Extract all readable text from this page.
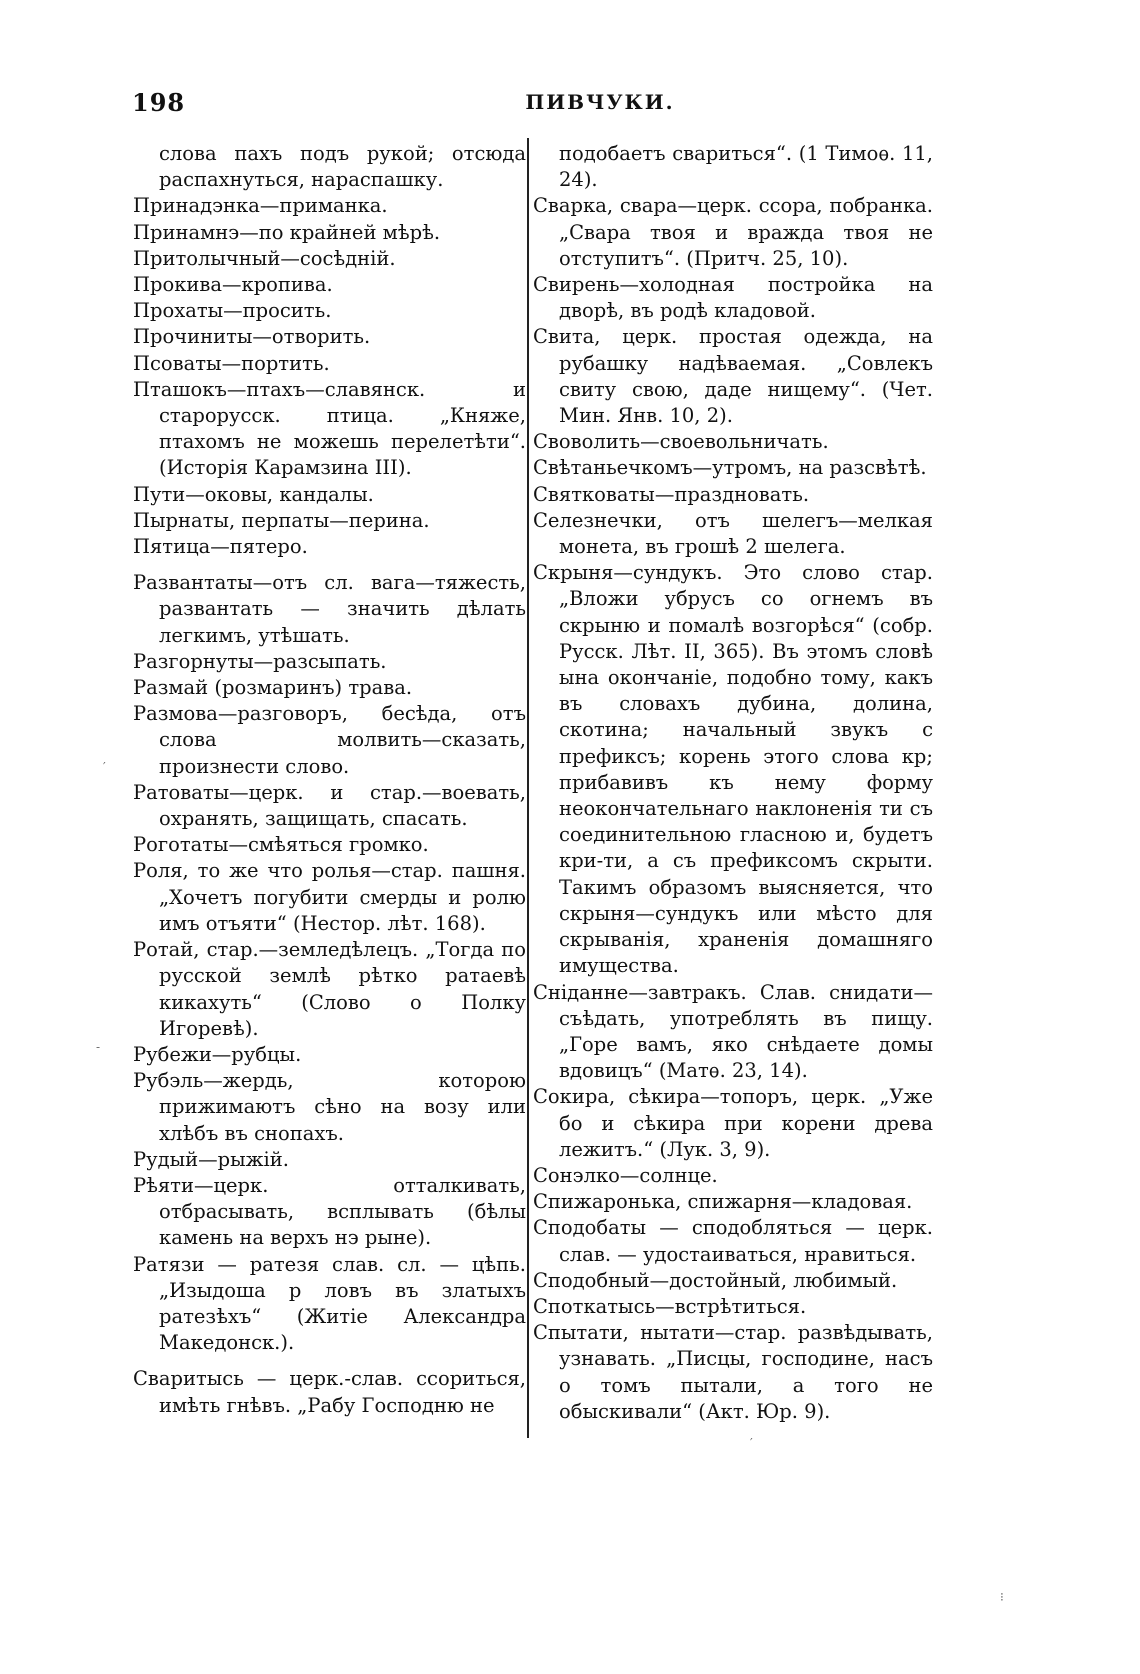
198	ПИВЧУКИ.

слова пахъ подъ рукой; отсюда распахнуться, нараспашку.

Принадэнка—приманка.

Принамнэ—по крайней мѣрѣ.

Притолычный—сосѣдній.

Прокива—кропива.

Прохаты—просить.

Прочиниты—отворить.

Псоваты—портить.

Пташокъ—птахъ—славянск. и старорусск. птица. „Княже, птахомъ не можешь перелетѣти“. (Исторія Карамзина III).

Пути—оковы, кандалы.

Пырнаты, перпаты—перина.

Пятица—пятеро.

Развантаты—отъ сл. вага—тяжесть, развантать — значить дѣлать легкимъ, утѣшать.

Разгорнуты—разсыпать.

Размай (розмаринъ) трава.

Размова—разговоръ, бесѣда, отъ слова молвить—сказать, произнести слово.

Ратоваты—церк. и стар.—воевать, охранять, защищать, спасать.

Роготаты—смѣяться громко.

Роля, то же что ролья—стар. пашня. „Хочетъ погубити смерды и ролю имъ отъяти“ (Нестор. лѣт. 168).

Ротай, стар.—земледѣлецъ. „Тогда по русской землѣ рѣтко ратаевѣ кикахуть“ (Слово о Полку Игоревѣ).

Рубежи—рубцы.

Рубэль—жердь, которою прижимаютъ сѣно на возу или хлѣбъ въ снопахъ.

Рудый—рыжій.

Рѣяти—церк. отталкивать, отбрасывать, всплывать (бѣлы камень на верхъ нэ рыне).

Ратязи — ратезя слав. сл. — цѣпь. „Изыдоша р ловъ въ златыхъ ратезѣхъ“ (Житіе Александра Македонск.).

Сваритысь — церк.-слав. ссориться, имѣть гнѣвъ. „Рабу Господню не

подобаетъ свариться“. (1 Тимоѳ. 11, 24).

Сварка, свара—церк. ссора, побранка. „Свара твоя и вражда твоя не отступитъ“. (Притч. 25, 10).

Свирень—холодная постройка на дворѣ, въ родѣ кладовой.

Свита, церк. простая одежда, на рубашку надѣваемая. „Совлекъ свиту свою, даде нищему“. (Чет. Мин. Янв. 10, 2).

Своволить—своевольничать.

Свѣтаньечкомъ—утромъ, на разсвѣтѣ.

Святковаты—праздновать.

Селезнечки, отъ шелегъ—мелкая монета, въ грошѣ 2 шелега.

Скрыня—сундукъ. Это слово стар. „Вложи убрусъ со огнемъ въ скрыню и помалѣ возгорѣся“ (собр. Русск. Лѣт. II, 365). Въ этомъ словѣ ына окончаніе, подобно тому, какъ въ словахъ дубина, долина, скотина; начальный звукъ с префиксъ; корень этого слова кр; прибавивъ къ нему форму неокончательнаго наклоненія ти съ соединительною гласною и, будетъ кри-ти, а съ префиксомъ скрыти. Такимъ образомъ выясняется, что скрыня—сундукъ или мѣсто для скрыванія, храненія домашняго имущества.

Сніданне—завтракъ. Слав. снидати—съѣдать, употреблять въ пищу. „Горе вамъ, яко снѣдаете домы вдовицъ“ (Матѳ. 23, 14).

Сокира, сѣкира—топоръ, церк. „Уже бо и сѣкира при корени древа лежитъ.“ (Лук. 3, 9).

Сонэлко—солнце.

Спижаронька, спижарня—кладовая.

Сподобаты — сподобляться — церк. слав. — удостаиваться, нравиться.

Сподобный—достойный, любимый.

Споткатысь—встрѣтиться.

Спытати, нытати—стар. развѣдывать, узнавать. „Писцы, господине, насъ о томъ пытали, а того не обыскивали“ (Акт. Юр. 9).

′
-
′
⁝
